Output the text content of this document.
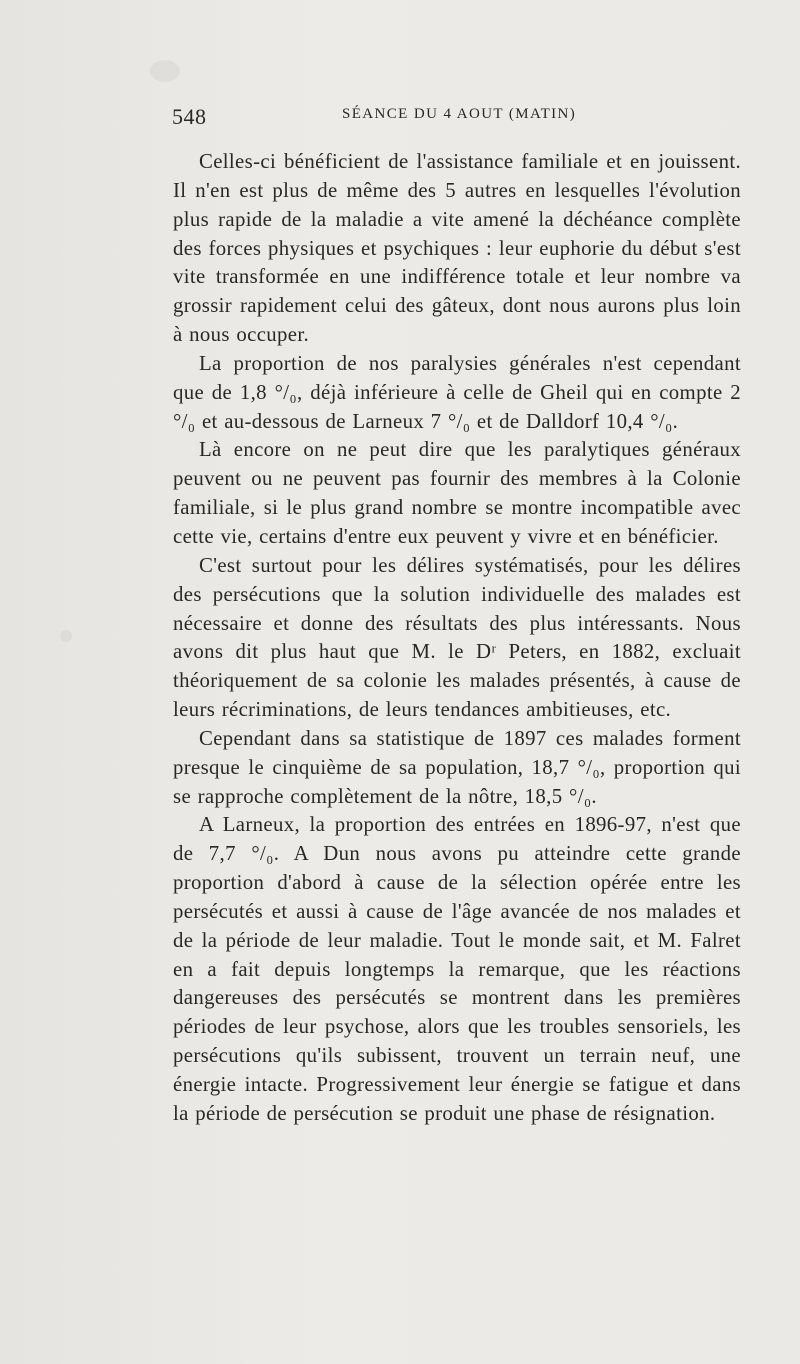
548	SÉANCE DU 4 AOUT (MATIN)

Celles-ci bénéficient de l'assistance familiale et en jouissent. Il n'en est plus de même des 5 autres en lesquelles l'évolution plus rapide de la maladie a vite amené la déchéance complète des forces physiques et psychiques : leur euphorie du début s'est vite transformée en une indifférence totale et leur nombre va grossir rapidement celui des gâteux, dont nous aurons plus loin à nous occuper.

La proportion de nos paralysies générales n'est cependant que de 1,8 °/₀, déjà inférieure à celle de Gheil qui en compte 2 °/₀ et au-dessous de Larneux 7 °/₀ et de Dalldorf 10,4 °/₀.

Là encore on ne peut dire que les paralytiques généraux peuvent ou ne peuvent pas fournir des membres à la Colonie familiale, si le plus grand nombre se montre incompatible avec cette vie, certains d'entre eux peuvent y vivre et en bénéficier.

C'est surtout pour les délires systématisés, pour les délires des persécutions que la solution individuelle des malades est nécessaire et donne des résultats des plus intéressants. Nous avons dit plus haut que M. le Dʳ Peters, en 1882, excluait théoriquement de sa colonie les malades présentés, à cause de leurs récriminations, de leurs tendances ambitieuses, etc.

Cependant dans sa statistique de 1897 ces malades forment presque le cinquième de sa population, 18,7 °/₀, proportion qui se rapproche complètement de la nôtre, 18,5 °/₀.

A Larneux, la proportion des entrées en 1896-97, n'est que de 7,7 °/₀. A Dun nous avons pu atteindre cette grande proportion d'abord à cause de la sélection opérée entre les persécutés et aussi à cause de l'âge avancée de nos malades et de la période de leur maladie. Tout le monde sait, et M. Falret en a fait depuis longtemps la remarque, que les réactions dangereuses des persécutés se montrent dans les premières périodes de leur psychose, alors que les troubles sensoriels, les persécutions qu'ils subissent, trouvent un terrain neuf, une énergie intacte. Progressivement leur énergie se fatigue et dans la période de persécution se produit une phase de résignation.
